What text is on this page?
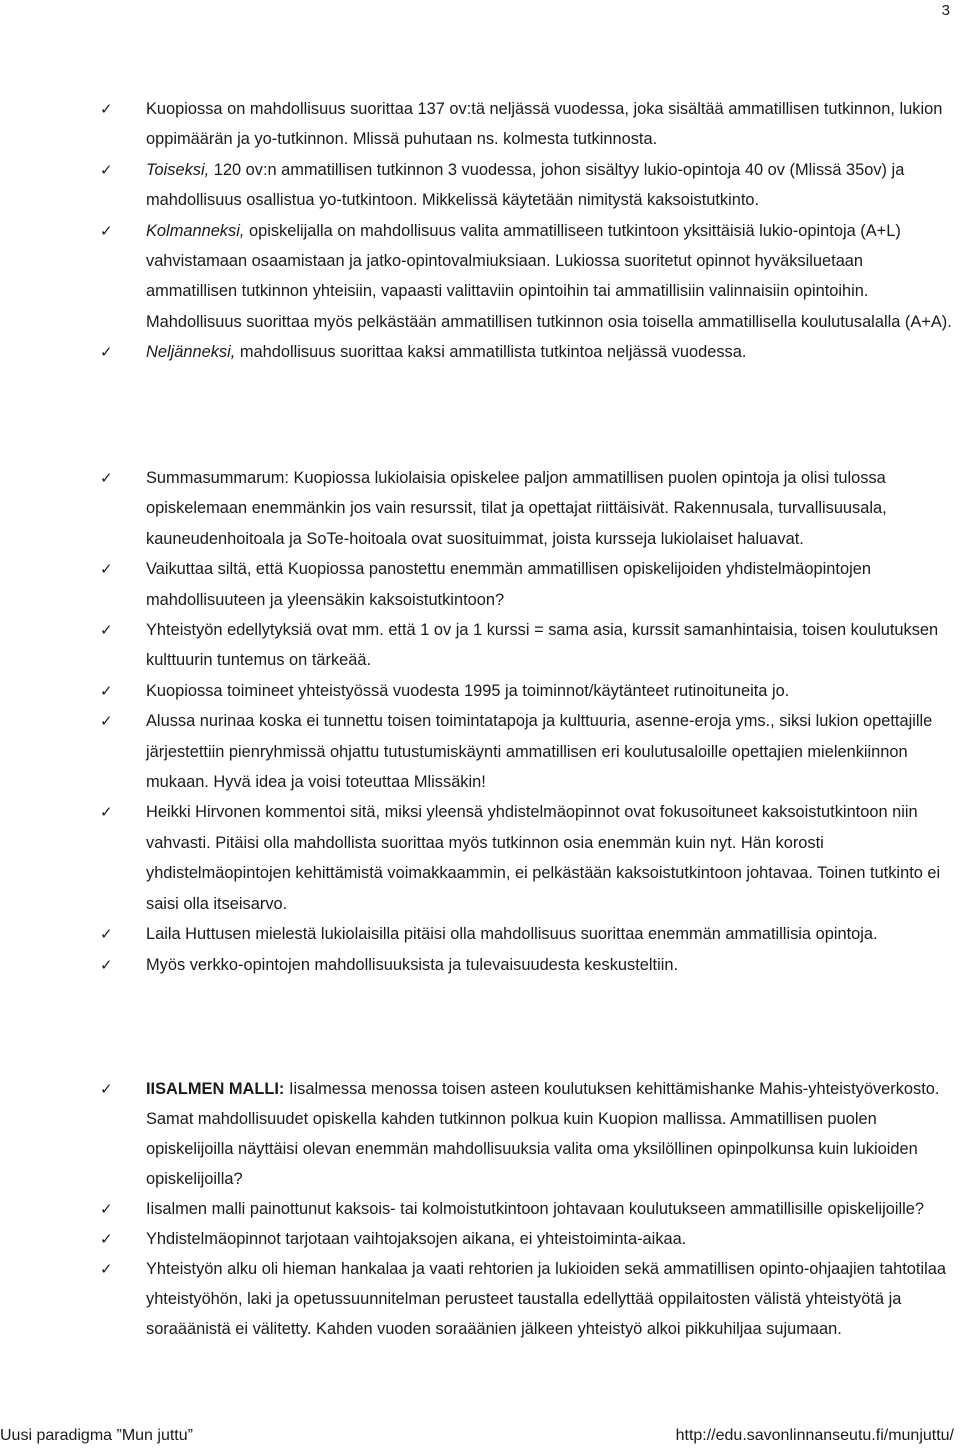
3
✓	Kuopiossa on mahdollisuus suorittaa 137 ov:tä neljässä vuodessa, joka sisältää ammatillisen tutkinnon, lukion oppimäärän ja yo-tutkinnon. Mlissä puhutaan ns. kolmesta tutkinnosta.
✓	Toiseksi, 120 ov:n ammatillisen tutkinnon 3 vuodessa, johon sisältyy lukio-opintoja 40 ov (Mlissä 35ov) ja mahdollisuus osallistua yo-tutkintoon. Mikkelissä käytetään nimitystä kaksoistutkinto.
✓	Kolmanneksi, opiskelijalla on mahdollisuus valita ammatilliseen tutkintoon yksittäisiä lukio-opintoja (A+L) vahvistamaan osaamistaan ja jatko-opintovalmiuksiaan. Lukiossa suoritetut opinnot hyväksiluetaan ammatillisen tutkinnon yhteisiin, vapaasti valittaviin opintoihin tai ammatillisiin valinnaisiin opintoihin. Mahdollisuus suorittaa myös pelkästään ammatillisen tutkinnon osia toisella ammatillisella koulutusalalla (A+A).
✓	Neljänneksi, mahdollisuus suorittaa kaksi ammatillista tutkintoa neljässä vuodessa.
✓	Summasummarum: Kuopiossa lukiolaisia opiskelee paljon ammatillisen puolen opintoja ja olisi tulossa opiskelemaan enemmänkin jos vain resurssit, tilat ja opettajat riittäisivät. Rakennusala, turvallisuusala, kauneudenhoitoala ja SoTe-hoitoala ovat suosituimmat, joista kursseja lukiolaiset haluavat.
✓	Vaikuttaa siltä, että Kuopiossa panostettu enemmän ammatillisen opiskelijoiden yhdistelmäopintojen mahdollisuuteen ja yleensäkin kaksoistutkintoon?
✓	Yhteistyön edellytyksiä ovat mm. että 1 ov ja 1 kurssi = sama asia, kurssit samanhintaisia, toisen koulutuksen kulttuurin tuntemus on tärkeää.
✓	Kuopiossa toimineet yhteistyössä vuodesta 1995 ja toiminnot/käytänteet rutinoituneita jo.
✓	Alussa nurinaa koska ei tunnettu toisen toimintatapoja ja kulttuuria, asenne-eroja yms., siksi lukion opettajille järjestettiin pienryhmissä ohjattu tutustumiskäynti ammatillisen eri koulutusaloille opettajien mielenkiinnon mukaan. Hyvä idea ja voisi toteuttaa Mlissäkin!
✓	Heikki Hirvonen kommentoi sitä, miksi yleensä yhdistelmäopinnot ovat fokusoituneet kaksoistutkintoon niin vahvasti. Pitäisi olla mahdollista suorittaa myös tutkinnon osia enemmän kuin nyt. Hän korosti yhdistelmäopintojen kehittämistä voimakkaammin, ei pelkästään kaksoistutkintoon johtavaa. Toinen tutkinto ei saisi olla itseisarvo.
✓	Laila Huttusen mielestä lukiolaisilla pitäisi olla mahdollisuus suorittaa enemmän ammatillisia opintoja.
✓	Myös verkko-opintojen mahdollisuuksista ja tulevaisuudesta keskusteltiin.
✓	IISALMEN MALLI: Iisalmessa menossa toisen asteen koulutuksen kehittämishanke Mahis-yhteistyöverkosto. Samat mahdollisuudet opiskella kahden tutkinnon polkua kuin Kuopion mallissa. Ammatillisen puolen opiskelijoilla näyttäisi olevan enemmän mahdollisuuksia valita oma yksilöllinen opinpolkunsa kuin lukioiden opiskelijoilla?
✓	Iisalmen malli painottunut kaksois- tai kolmoistutkintoon johtavaan koulutukseen ammatillisille opiskelijoille?
✓	Yhdistelmäopinnot tarjotaan vaihtojaksojen aikana, ei yhteistoiminta-aikaa.
✓	Yhteistyön alku oli hieman hankalaa ja vaati rehtorien ja lukioiden sekä ammatillisen opinto-ohjaajien tahtotilaa yhteistyöhön, laki ja opetussuunnitelman perusteet taustalla edellyttää oppilaitosten välistä yhteistyötä ja soraäänistä ei välitetty. Kahden vuoden soraäänien jälkeen yhteistyö alkoi pikkuhiljaa sujumaan.
Uusi paradigma ”Mun juttu”	http://edu.savonlinnanseutu.fi/munjuttu/
